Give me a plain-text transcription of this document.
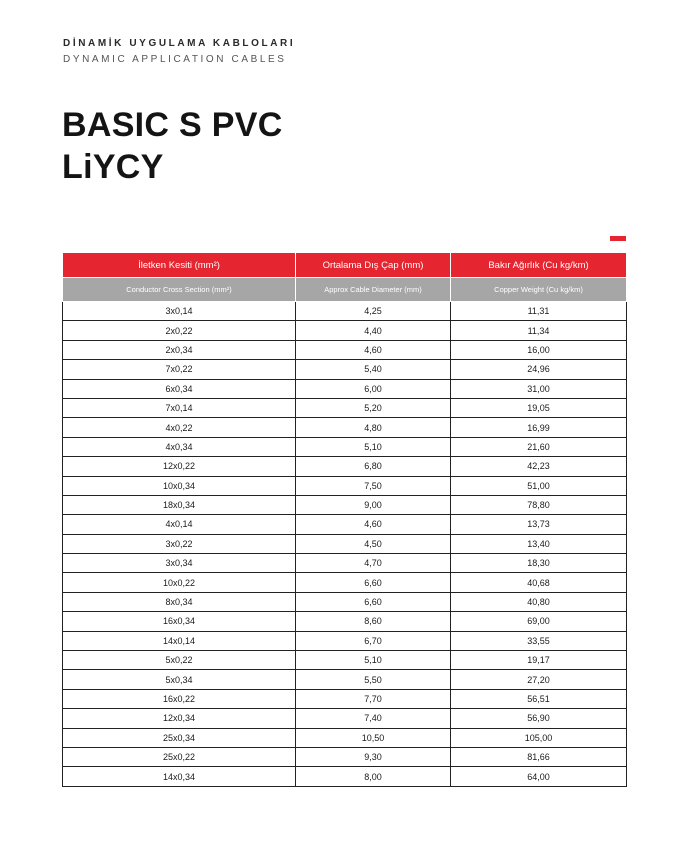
DİNAMİK UYGULAMA KABLOLARI
DYNAMIC APPLICATION CABLES
BASIC S PVC
LiYCY
İletken Kesiti (mm²)	Ortalama Dış Çap (mm)	Bakır Ağırlık (Cu kg/km)
Conductor Cross Section (mm²)	Approx Cable Diameter (mm)	Copper Weight (Cu kg/km)
3x0,14	4,25	11,31
2x0,22	4,40	11,34
2x0,34	4,60	16,00
7x0,22	5,40	24,96
6x0,34	6,00	31,00
7x0,14	5,20	19,05
4x0,22	4,80	16,99
4x0,34	5,10	21,60
12x0,22	6,80	42,23
10x0,34	7,50	51,00
18x0,34	9,00	78,80
4x0,14	4,60	13,73
3x0,22	4,50	13,40
3x0,34	4,70	18,30
10x0,22	6,60	40,68
8x0,34	6,60	40,80
16x0,34	8,60	69,00
14x0,14	6,70	33,55
5x0,22	5,10	19,17
5x0,34	5,50	27,20
16x0,22	7,70	56,51
12x0,34	7,40	56,90
25x0,34	10,50	105,00
25x0,22	9,30	81,66
14x0,34	8,00	64,00
